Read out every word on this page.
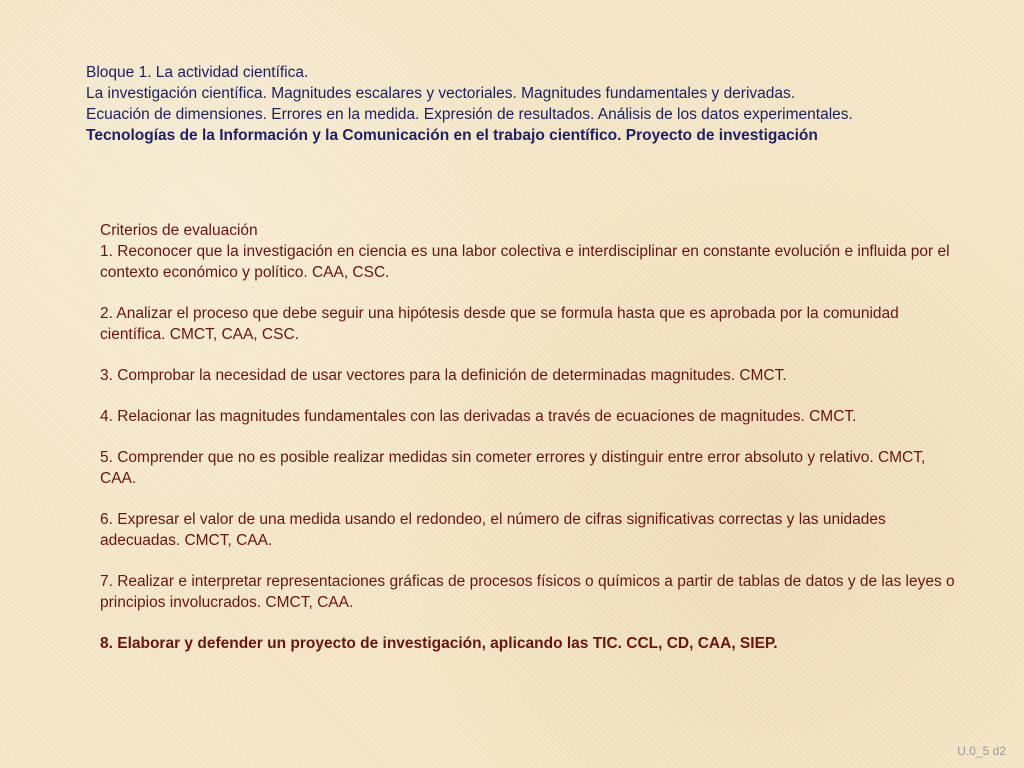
Bloque 1. La actividad científica.
La investigación científica. Magnitudes escalares y vectoriales. Magnitudes fundamentales y derivadas.
Ecuación de dimensiones. Errores en la medida. Expresión de resultados. Análisis de los datos experimentales.
Tecnologías de la Información y la Comunicación en el trabajo científico. Proyecto de investigación
Criterios de evaluación
1. Reconocer que la investigación en ciencia es una labor colectiva e interdisciplinar en constante evolución e influida por el contexto económico y político. CAA, CSC.
2. Analizar el proceso que debe seguir una hipótesis desde que se formula hasta que es aprobada por la comunidad científica. CMCT, CAA, CSC.
3. Comprobar la necesidad de usar vectores para la definición de determinadas magnitudes. CMCT.
4. Relacionar las magnitudes fundamentales con las derivadas a través de ecuaciones de magnitudes. CMCT.
5. Comprender que no es posible realizar medidas sin cometer errores y distinguir entre error absoluto y relativo. CMCT, CAA.
6. Expresar el valor de una medida usando el redondeo, el número de cifras significativas correctas y las unidades adecuadas. CMCT, CAA.
7. Realizar e interpretar representaciones gráficas de procesos físicos o químicos a partir de tablas de datos y de las leyes o principios involucrados. CMCT, CAA.
8. Elaborar y defender un proyecto de investigación, aplicando las TIC. CCL, CD, CAA, SIEP.
U.0_5 d2
